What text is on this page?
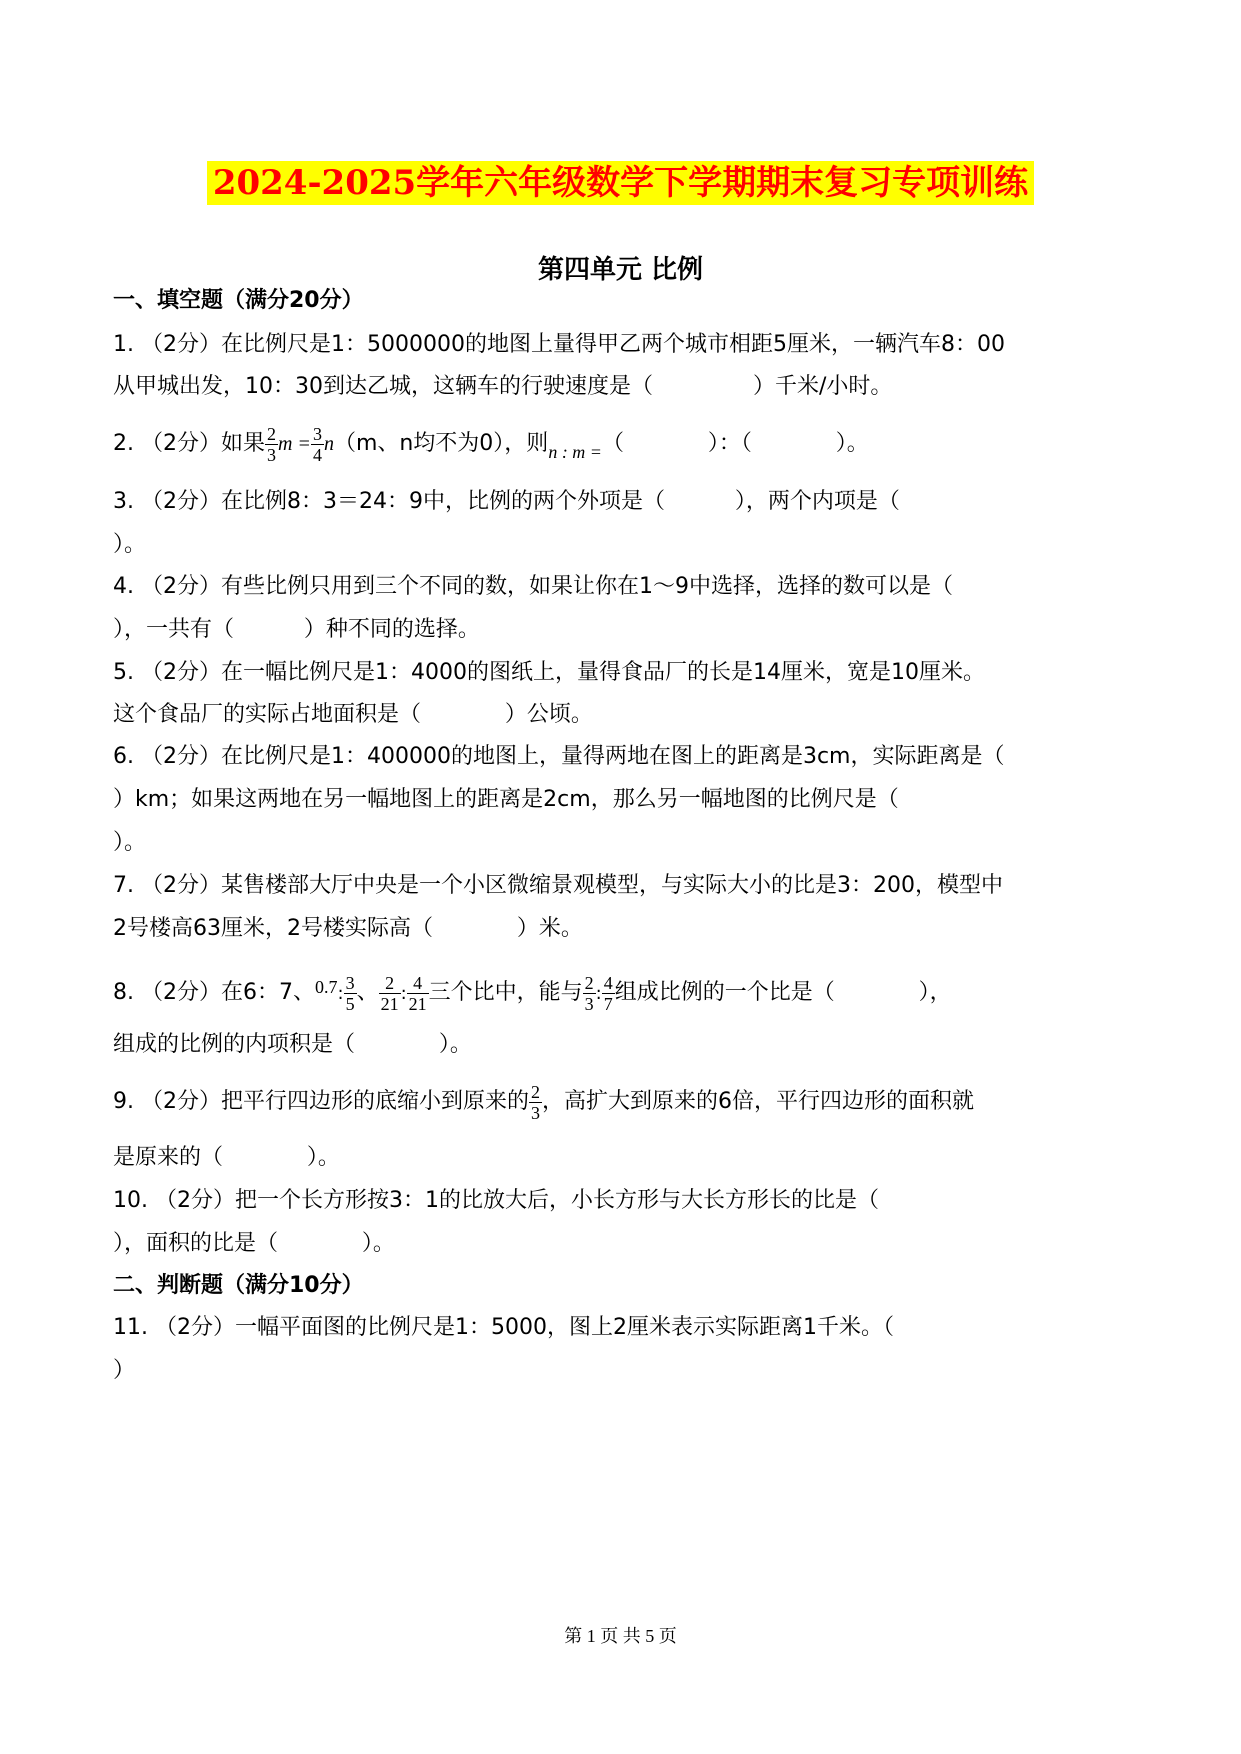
2024-2025学年六年级数学下学期期末复习专项训练
第四单元 比例
一、填空题（满分20分）
1. （2分）在比例尺是1：5000000的地图上量得甲乙两个城市相距5厘米，一辆汽车8：00
从甲城出发，10：30到达乙城，这辆车的行驶速度是（	）千米/小时。
2. （2分）如果 $\frac{2}{3}$ $m = \frac{3}{4} n(m$、n均不为0），则$_{n : m =}$（            ）：（            ）。
3. （2分）在比例8：3＝24：9中，比例的两个外项是（          ），两个内项是（
）。
4. （2分）有些比例只用到三个不同的数，如果让你在1～9中选择，选择的数可以是（
），一共有（          ）种不同的选择。
5. （2分）在一幅比例尺是1：4000的图纸上，量得食品厂的长是14厘米，宽是10厘米。
这个食品厂的实际占地面积是（            ）公顷。
6. （2分）在比例尺是1：400000的地图上，量得两地在图上的距离是3cm，实际距离是（
）km；如果这两地在另一幅地图上的距离是2cm，那么另一幅地图的比例尺是（
）。
7. （2分）某售楼部大厅中央是一个小区微缩景观模型，与实际大小的比是3：200，模型中
2号楼高63厘米，2号楼实际高（            ）米。
8. （2分）在6：7、$^{0.7}$: $\frac{3}{5}$ 、 $\frac{2}{21}$ : $\frac{4}{21}$ 三个比中，能与 $\frac{2}{3}$ : $\frac{4}{7}$ 组成比例的一个比是（            ），
组成的比例的内项积是（            ）。
9. （2分）把平行四边形的底缩小到原来的 $\frac{2}{3}$ ，高扩大到原来的6倍，平行四边形的面积就
是原来的（            ）。
10. （2分）把一个长方形按3：1的比放大后，小长方形与大长方形长的比是（
），面积的比是（            ）。
二、判断题（满分10分）
11. （2分）一幅平面图的比例尺是1：5000，图上2厘米表示实际距离1千米。（
）
第 1 页 共 5 页
